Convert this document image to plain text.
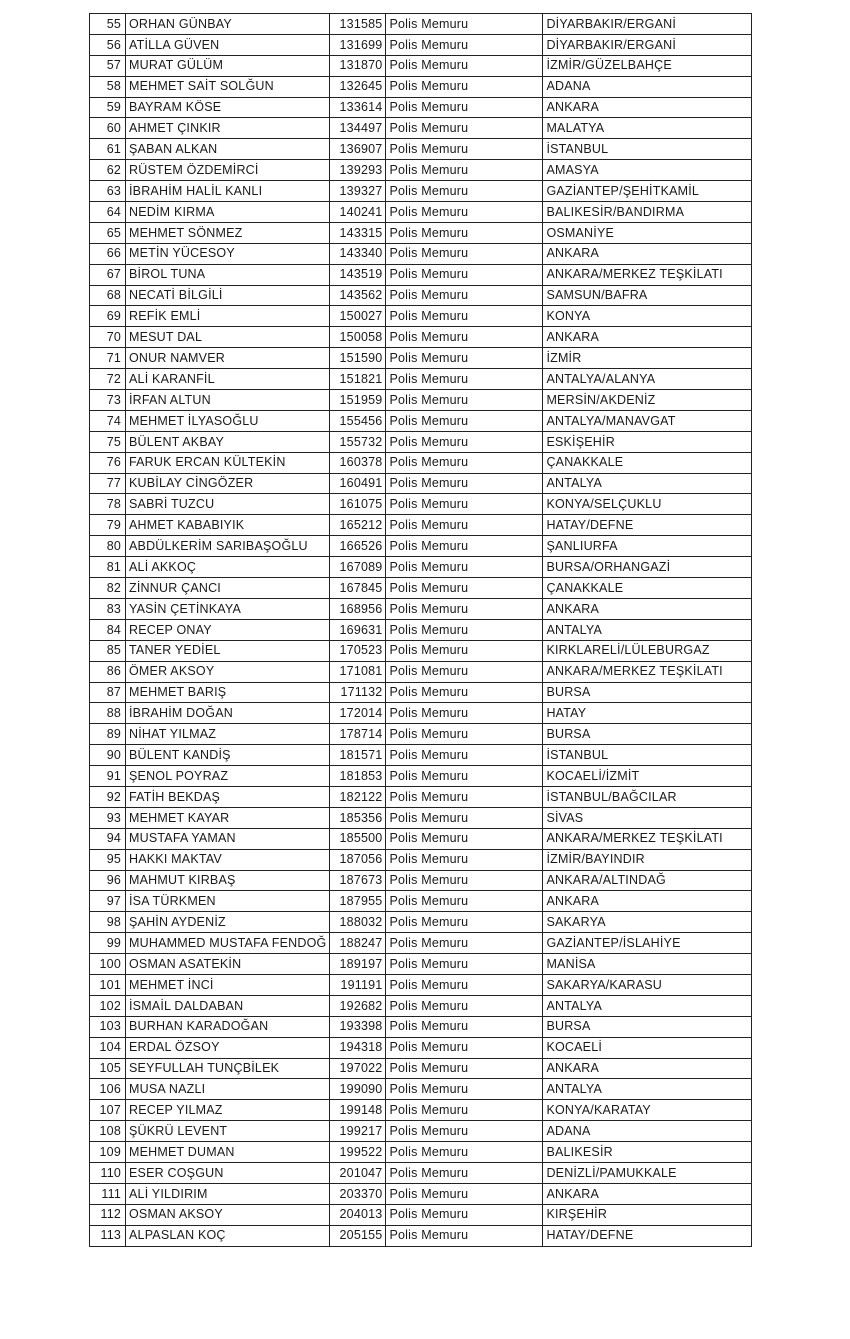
55	ORHAN GÜNBAY	131585	Polis Memuru	DİYARBAKIR/ERGANİ
56	ATİLLA GÜVEN	131699	Polis Memuru	DİYARBAKIR/ERGANİ
57	MURAT GÜLÜM	131870	Polis Memuru	İZMİR/GÜZELBAHÇE
58	MEHMET SAİT SOLĞUN	132645	Polis Memuru	ADANA
59	BAYRAM KÖSE	133614	Polis Memuru	ANKARA
60	AHMET ÇINKIR	134497	Polis Memuru	MALATYA
61	ŞABAN ALKAN	136907	Polis Memuru	İSTANBUL
62	RÜSTEM ÖZDEMİRCİ	139293	Polis Memuru	AMASYA
63	İBRAHİM HALİL KANLI	139327	Polis Memuru	GAZİANTEP/ŞEHİTKAMİL
64	NEDİM KIRMA	140241	Polis Memuru	BALIKESİR/BANDIRMA
65	MEHMET SÖNMEZ	143315	Polis Memuru	OSMANİYE
66	METİN YÜCESOY	143340	Polis Memuru	ANKARA
67	BİROL TUNA	143519	Polis Memuru	ANKARA/MERKEZ TEŞKİLATI
68	NECATİ BİLGİLİ	143562	Polis Memuru	SAMSUN/BAFRA
69	REFİK EMLİ	150027	Polis Memuru	KONYA
70	MESUT DAL	150058	Polis Memuru	ANKARA
71	ONUR NAMVER	151590	Polis Memuru	İZMİR
72	ALİ KARANFİL	151821	Polis Memuru	ANTALYA/ALANYA
73	İRFAN ALTUN	151959	Polis Memuru	MERSİN/AKDENİZ
74	MEHMET İLYASOĞLU	155456	Polis Memuru	ANTALYA/MANAVGAT
75	BÜLENT AKBAY	155732	Polis Memuru	ESKİŞEHİR
76	FARUK ERCAN KÜLTEKİN	160378	Polis Memuru	ÇANAKKALE
77	KUBİLAY CİNGÖZER	160491	Polis Memuru	ANTALYA
78	SABRİ TUZCU	161075	Polis Memuru	KONYA/SELÇUKLU
79	AHMET KABABIYIK	165212	Polis Memuru	HATAY/DEFNE
80	ABDÜLKERİM SARIBAŞOĞLU	166526	Polis Memuru	ŞANLIURFA
81	ALİ AKKOÇ	167089	Polis Memuru	BURSA/ORHANGAZİ
82	ZİNNUR ÇANCI	167845	Polis Memuru	ÇANAKKALE
83	YASİN ÇETİNKAYA	168956	Polis Memuru	ANKARA
84	RECEP ONAY	169631	Polis Memuru	ANTALYA
85	TANER YEDİEL	170523	Polis Memuru	KIRKLARELİ/LÜLEBURGAZ
86	ÖMER AKSOY	171081	Polis Memuru	ANKARA/MERKEZ TEŞKİLATI
87	MEHMET BARIŞ	171132	Polis Memuru	BURSA
88	İBRAHİM DOĞAN	172014	Polis Memuru	HATAY
89	NİHAT YILMAZ	178714	Polis Memuru	BURSA
90	BÜLENT KANDİŞ	181571	Polis Memuru	İSTANBUL
91	ŞENOL POYRAZ	181853	Polis Memuru	KOCAELİ/İZMİT
92	FATİH BEKDAŞ	182122	Polis Memuru	İSTANBUL/BAĞCILAR
93	MEHMET KAYAR	185356	Polis Memuru	SİVAS
94	MUSTAFA YAMAN	185500	Polis Memuru	ANKARA/MERKEZ TEŞKİLATI
95	HAKKI MAKTAV	187056	Polis Memuru	İZMİR/BAYINDIR
96	MAHMUT KIRBAŞ	187673	Polis Memuru	ANKARA/ALTINDAĞ
97	İSA TÜRKMEN	187955	Polis Memuru	ANKARA
98	ŞAHİN AYDENİZ	188032	Polis Memuru	SAKARYA
99	MUHAMMED MUSTAFA FENDOĞ	188247	Polis Memuru	GAZİANTEP/İSLAHİYE
100	OSMAN ASATEKİN	189197	Polis Memuru	MANİSA
101	MEHMET İNCİ	191191	Polis Memuru	SAKARYA/KARASU
102	İSMAİL DALDABAN	192682	Polis Memuru	ANTALYA
103	BURHAN KARADOĞAN	193398	Polis Memuru	BURSA
104	ERDAL ÖZSOY	194318	Polis Memuru	KOCAELİ
105	SEYFULLAH TUNÇBİLEK	197022	Polis Memuru	ANKARA
106	MUSA NAZLI	199090	Polis Memuru	ANTALYA
107	RECEP YILMAZ	199148	Polis Memuru	KONYA/KARATAY
108	ŞÜKRÜ LEVENT	199217	Polis Memuru	ADANA
109	MEHMET DUMAN	199522	Polis Memuru	BALIKESİR
110	ESER COŞGUN	201047	Polis Memuru	DENİZLİ/PAMUKKALE
111	ALİ YILDIRIM	203370	Polis Memuru	ANKARA
112	OSMAN AKSOY	204013	Polis Memuru	KIRŞEHİR
113	ALPASLAN KOÇ	205155	Polis Memuru	HATAY/DEFNE
